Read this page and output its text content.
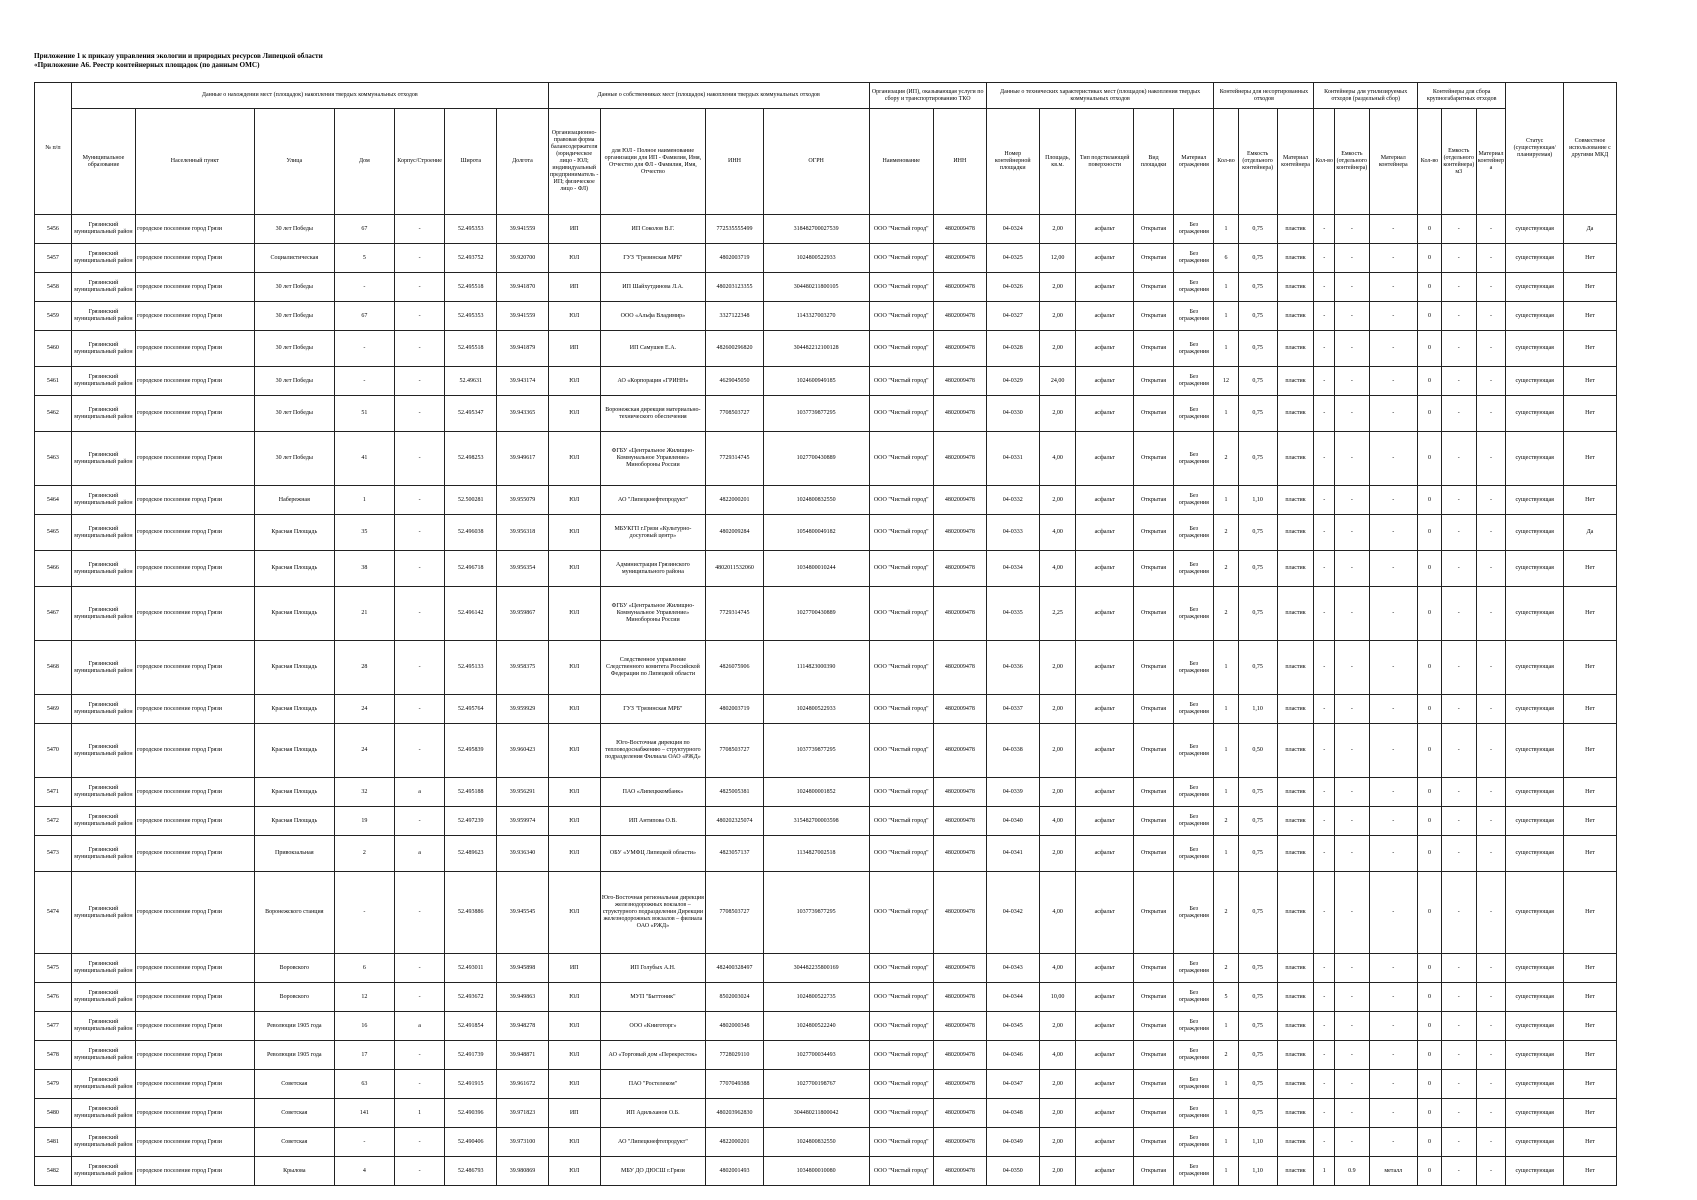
Приложение 1 к приказу управления экологии и природных ресурсов Липецкой области
«Приложение А6. Реестр контейнерных площадок (по данным ОМС)
№ п/п	Данные о нахождении мест (площадок) накопления твердых коммунальных отходов							Данные о собственниках мест (площадок) накопления твердых коммунальных отходов				Организация (ИП), оказывающая услуги по сбору и транспортированию ТКО		Данные о технических характеристиках мест (площадок) накопления твердых коммунальных отходов					Контейнеры для несортированных отходов			Контейнеры для утилизируемых отходов (раздельный сбор)			Контейнеры для сбора крупногабаритных отходов			Статус (существующая/ планируемая)	Совместное использование с другими МКД
	Муниципальное образование	Населенный пункт	Улица	Дом	Корпус/Строение	Широта	Долгота	Организационно-правовая форма балансодержателя (юридическое лицо - ЮЛ; индивидуальный предприниматель - ИП; физическое лицо - ФЛ)	для ЮЛ - Полное наименование организации для ИП - Фамилия, Имя, Отчество для ФЛ - Фамилия, Имя, Отчество	ИНН	ОГРН	Наименование	ИНН	Номер контейнерной площадки	Площадь, кв.м.	Тип подстилающей поверхности	Вид площадки	Материал ограждения	Кол-во	Емкость (отдельного контейнера)	Материал контейнера	Кол-во	Емкость (отдельного контейнера)	Материал контейнера	Кол-во	Емкость (отдельного контейнера) м3	Материал контейнера		
5456	Грязинский муниципальный район	городское поселение город Грязи	30 лет Победы	67	-	52.495353	39.941559	ИП	ИП Соколов В.Г.	772535555499	318482700027539	ООО "Чистый город"	4802009478	04-0324	2,00	асфальт	Открытая	Без ограждения	1	0,75	пластик	-	-	-	0	-	-	существующая	Да
5457	Грязинский муниципальный район	городское поселение город Грязи	Социалистическая	5	-	52.493752	39.920700	ЮЛ	ГУЗ "Грязинская МРБ"	4802003719	1024800522933	ООО "Чистый город"	4802009478	04-0325	12,00	асфальт	Открытая	Без ограждения	6	0,75	пластик	-	-	-	0	-	-	существующая	Нет
5458	Грязинский муниципальный район	городское поселение город Грязи	30 лет Победы	-	-	52.495518	39.941870	ИП	ИП Шайхутдинова Л.А.	480203123355	304480211800105	ООО "Чистый город"	4802009478	04-0326	2,00	асфальт	Открытая	Без ограждения	1	0,75	пластик	-	-	-	0	-	-	существующая	Нет
5459	Грязинский муниципальный район	городское поселение город Грязи	30 лет Победы	67	-	52.495353	39.941559	ЮЛ	ООО «Альфа Владимир»	3327122348	1143327003270	ООО "Чистый город"	4802009478	04-0327	2,00	асфальт	Открытая	Без ограждения	1	0,75	пластик	-	-	-	0	-	-	существующая	Нет
5460	Грязинский муниципальный район	городское поселение город Грязи	30 лет Победы	-	-	52.495518	39.941879	ИП	ИП Самушев Е.А.	482600296820	304482212100128	ООО "Чистый город"	4802009478	04-0328	2,00	асфальт	Открытая	Без ограждения	1	0,75	пластик	-	-	-	0	-	-	существующая	Нет
5461	Грязинский муниципальный район	городское поселение город Грязи	30 лет Победы	-	-	52.49631	39.943174	ЮЛ	АО «Корпорация «ГРИНН»	4629045050	1024600949185	ООО "Чистый город"	4802009478	04-0329	24,00	асфальт	Открытая	Без ограждения	12	0,75	пластик	-	-	-	0	-	-	существующая	Нет
5462	Грязинский муниципальный район	городское поселение город Грязи	30 лет Победы	51	-	52.495347	39.943365	ЮЛ	Воронежская дирекция материально-технического обеспечения	7708503727	1037739877295	ООО "Чистый город"	4802009478	04-0330	2,00	асфальт	Открытая	Без ограждения	1	0,75	пластик	-	-	-	0	-	-	существующая	Нет
5463	Грязинский муниципальный район	городское поселение город Грязи	30 лет Победы	41	-	52.498253	39.949617	ЮЛ	ФГБУ «Центральное Жилищно-Коммунальное Управление» Минобороны России	7729314745	1027700430889	ООО "Чистый город"	4802009478	04-0331	4,00	асфальт	Открытая	Без ограждения	2	0,75	пластик	-	-	-	0	-	-	существующая	Нет
5464	Грязинский муниципальный район	городское поселение город Грязи	Набережная	1	-	52.500281	39.955079	ЮЛ	АО "Липецкнефтепродукт"	4822000201	1024800832550	ООО "Чистый город"	4802009478	04-0332	2,00	асфальт	Открытая	Без ограждения	1	1,10	пластик	-	-	-	0	-	-	существующая	Нет
5465	Грязинский муниципальный район	городское поселение город Грязи	Красная Площадь	35	-	52.496038	39.956318	ЮЛ	МБУКГП г.Грязи «Культурно-досуговый центр»	4802009284	1054800049182	ООО "Чистый город"	4802009478	04-0333	4,00	асфальт	Открытая	Без ограждения	2	0,75	пластик	-	-	-	0	-	-	существующая	Да
5466	Грязинский муниципальный район	городское поселение город Грязи	Красная Площадь	38	-	52.496718	39.956354	ЮЛ	Администрация Грязинского муниципального района	4802011532060	1034800010244	ООО "Чистый город"	4802009478	04-0334	4,00	асфальт	Открытая	Без ограждения	2	0,75	пластик	-	-	-	0	-	-	существующая	Нет
5467	Грязинский муниципальный район	городское поселение город Грязи	Красная Площадь	21	-	52.496142	39.959867	ЮЛ	ФГБУ «Центральное Жилищно-Коммунальное Управление» Минобороны России	7729314745	1027700430889	ООО "Чистый город"	4802009478	04-0335	2,25	асфальт	Открытая	Без ограждения	2	0,75	пластик	-	-	-	0	-	-	существующая	Нет
5468	Грязинский муниципальный район	городское поселение город Грязи	Красная Площадь	28	-	52.495133	39.958375	ЮЛ	Следственное управление Следственного комитета Российской Федерации по Липецкой области	4826075906	1114823000390	ООО "Чистый город"	4802009478	04-0336	2,00	асфальт	Открытая	Без ограждения	1	0,75	пластик	-	-	-	0	-	-	существующая	Нет
5469	Грязинский муниципальный район	городское поселение город Грязи	Красная Площадь	24	-	52.495764	39.959929	ЮЛ	ГУЗ "Грязинская МРБ"	4802003719	1024800522933	ООО "Чистый город"	4802009478	04-0337	2,00	асфальт	Открытая	Без ограждения	1	1,10	пластик	-	-	-	0	-	-	существующая	Нет
5470	Грязинский муниципальный район	городское поселение город Грязи	Красная Площадь	24	-	52.495839	39.960423	ЮЛ	Юго-Восточная дирекция по тепловодоснабжению – структурного подразделения Филиала ОАО «РЖД»	7708503727	1037739877295	ООО "Чистый город"	4802009478	04-0338	2,00	асфальт	Открытая	Без ограждения	1	0,50	пластик	-	-	-	0	-	-	существующая	Нет
5471	Грязинский муниципальный район	городское поселение город Грязи	Красная Площадь	32	а	52.495188	39.956291	ЮЛ	ПАО «Липецккомбанк»	4825005381	1024800001852	ООО "Чистый город"	4802009478	04-0339	2,00	асфальт	Открытая	Без ограждения	1	0,75	пластик	-	-	-	0	-	-	существующая	Нет
5472	Грязинский муниципальный район	городское поселение город Грязи	Красная Площадь	19	-	52.497239	39.959974	ЮЛ	ИП Антипова О.В.	480202325074	315482700003598	ООО "Чистый город"	4802009478	04-0340	4,00	асфальт	Открытая	Без ограждения	2	0,75	пластик	-	-	-	0	-	-	существующая	Нет
5473	Грязинский муниципальный район	городское поселение город Грязи	Привокзальная	2	а	52.489623	39.936340	ЮЛ	ОБУ «УМФЦ Липецкой области»	4823057137	1134827002518	ООО "Чистый город"	4802009478	04-0341	2,00	асфальт	Открытая	Без ограждения	1	0,75	пластик	-	-	-	0	-	-	существующая	Нет
5474	Грязинский муниципальный район	городское поселение город Грязи	Воронежского станция	-	-	52.493886	39.945545	ЮЛ	Юго-Восточная региональная дирекция железнодорожных вокзалов – структурного подразделения Дирекции железнодорожных вокзалов – филиала ОАО «РЖД»	7708503727	1037739877295	ООО "Чистый город"	4802009478	04-0342	4,00	асфальт	Открытая	Без ограждения	2	0,75	пластик	-	-	-	0	-	-	существующая	Нет
5475	Грязинский муниципальный район	городское поселение город Грязи	Воровского	6	-	52.493011	39.945898	ИП	ИП Голубых А.Н.	482400328497	304482235800169	ООО "Чистый город"	4802009478	04-0343	4,00	асфальт	Открытая	Без ограждения	2	0,75	пластик	-	-	-	0	-	-	существующая	Нет
5476	Грязинский муниципальный район	городское поселение город Грязи	Воровского	12	-	52.493672	39.949863	ЮЛ	МУП "Быттоник"	8502003024	1024800522735	ООО "Чистый город"	4802009478	04-0344	10,00	асфальт	Открытая	Без ограждения	5	0,75	пластик	-	-	-	0	-	-	существующая	Нет
5477	Грязинский муниципальный район	городское поселение город Грязи	Революции 1905 года	16	а	52.491854	39.948278	ЮЛ	ООО «Книготорг»	4802000348	1024800522240	ООО "Чистый город"	4802009478	04-0345	2,00	асфальт	Открытая	Без ограждения	1	0,75	пластик	-	-	-	0	-	-	существующая	Нет
5478	Грязинский муниципальный район	городское поселение город Грязи	Революции 1905 года	17	-	52.491739	39.948871	ЮЛ	АО «Торговый дом «Перекресток»	7728029110	1027700034493	ООО "Чистый город"	4802009478	04-0346	4,00	асфальт	Открытая	Без ограждения	2	0,75	пластик	-	-	-	0	-	-	существующая	Нет
5479	Грязинский муниципальный район	городское поселение город Грязи	Советская	63	-	52.491915	39.961672	ЮЛ	ПАО "Ростелеком"	7707049388	1027700198767	ООО "Чистый город"	4802009478	04-0347	2,00	асфальт	Открытая	Без ограждения	1	0,75	пластик	-	-	-	0	-	-	существующая	Нет
5480	Грязинский муниципальный район	городское поселение город Грязи	Советская	141	1	52.490396	39.971823	ИП	ИП Адильханов О.Б.	480203962830	304480211800042	ООО "Чистый город"	4802009478	04-0348	2,00	асфальт	Открытая	Без ограждения	1	0,75	пластик	-	-	-	0	-	-	существующая	Нет
5481	Грязинский муниципальный район	городское поселение город Грязи	Советская	-	-	52.490406	39.973100	ЮЛ	АО "Липецкнефтепродукт"	4822000201	1024800832550	ООО "Чистый город"	4802009478	04-0349	2,00	асфальт	Открытая	Без ограждения	1	1,10	пластик	-	-	-	0	-	-	существующая	Нет
5482	Грязинский муниципальный район	городское поселение город Грязи	Крылова	4	-	52.486793	39.980869	ЮЛ	МБУ ДО ДЮСШ г.Грязи	4802001493	1034800010080	ООО "Чистый город"	4802009478	04-0350	2,00	асфальт	Открытая	Без ограждения	1	1,10	пластик	1	0.9	металл	0	-	-	существующая	Нет
